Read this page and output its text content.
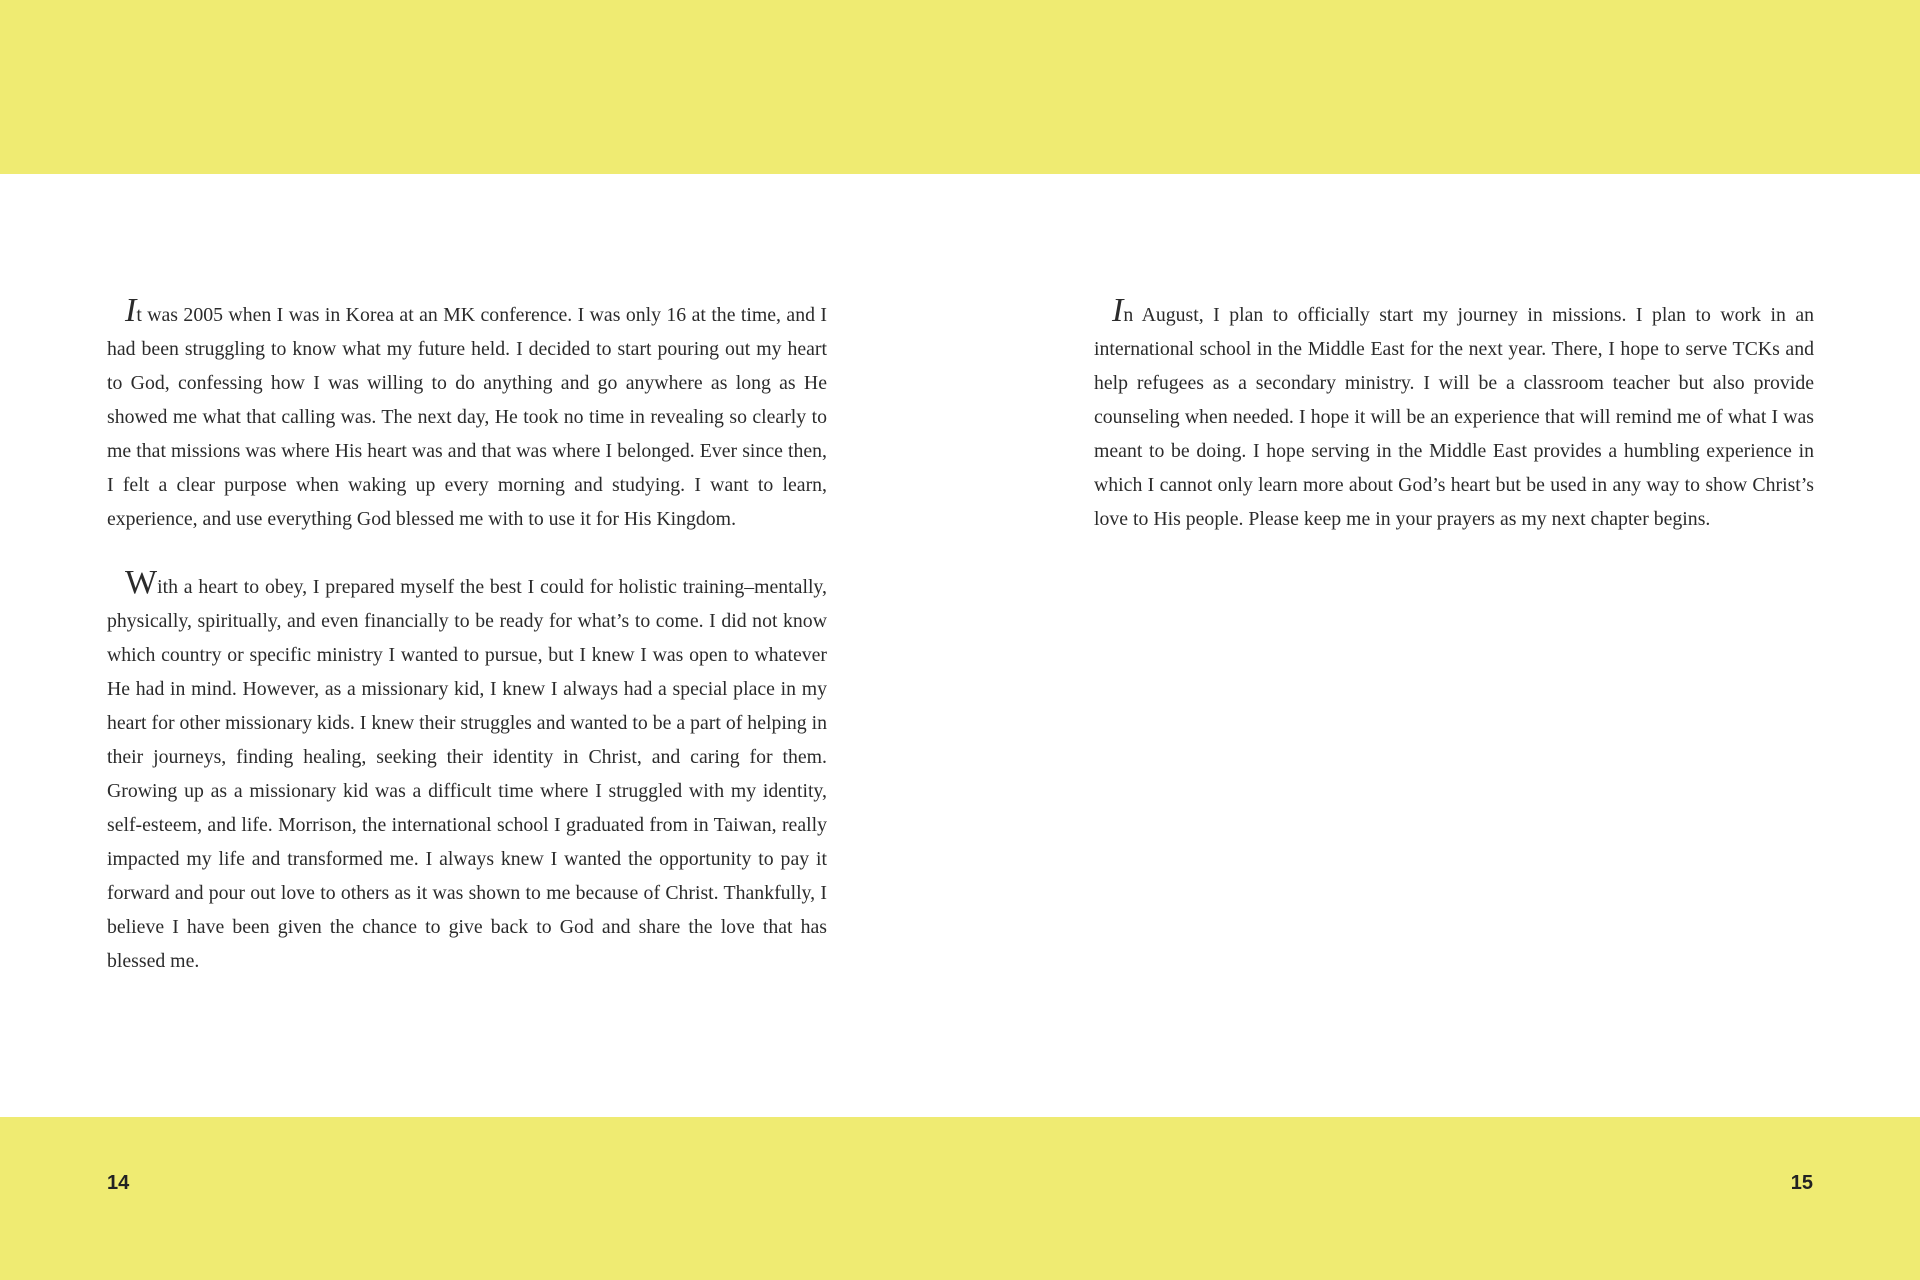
It was 2005 when I was in Korea at an MK conference. I was only 16 at the time, and I had been struggling to know what my future held. I decided to start pouring out my heart to God, confessing how I was willing to do anything and go anywhere as long as He showed me what that calling was. The next day, He took no time in revealing so clearly to me that missions was where His heart was and that was where I belonged. Ever since then, I felt a clear purpose when waking up every morning and studying. I want to learn, experience, and use everything God blessed me with to use it for His Kingdom.

With a heart to obey, I prepared myself the best I could for holistic training–mentally, physically, spiritually, and even financially to be ready for what’s to come. I did not know which country or specific ministry I wanted to pursue, but I knew I was open to whatever He had in mind. However, as a missionary kid, I knew I always had a special place in my heart for other missionary kids. I knew their struggles and wanted to be a part of helping in their journeys, finding healing, seeking their identity in Christ, and caring for them. Growing up as a missionary kid was a difficult time where I struggled with my identity, self-esteem, and life. Morrison, the international school I graduated from in Taiwan, really impacted my life and transformed me. I always knew I wanted the opportunity to pay it forward and pour out love to others as it was shown to me because of Christ. Thankfully, I believe I have been given the chance to give back to God and share the love that has blessed me.

In August, I plan to officially start my journey in missions. I plan to work in an international school in the Middle East for the next year. There, I hope to serve TCKs and help refugees as a secondary ministry. I will be a classroom teacher but also provide counseling when needed. I hope it will be an experience that will remind me of what I was meant to be doing. I hope serving in the Middle East provides a humbling experience in which I cannot only learn more about God’s heart but be used in any way to show Christ’s love to His people. Please keep me in your prayers as my next chapter begins.

14	15
